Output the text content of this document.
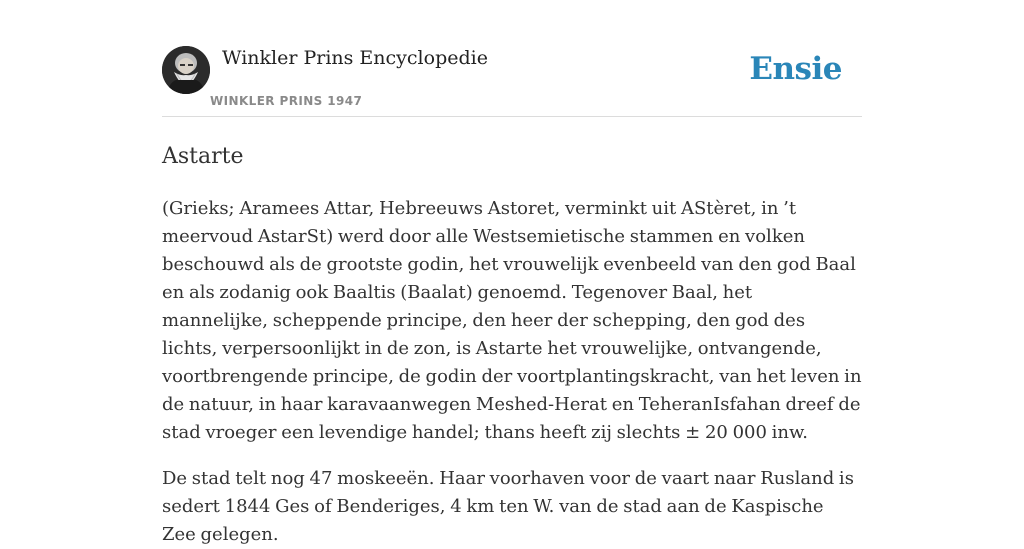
Winkler Prins Encyclopedie
WINKLER PRINS 1947
Ensie
Astarte

(Grieks; Aramees Attar, Hebreeuws Astoret, verminkt uit AStèret, in ’t meervoud AstarSt) werd door alle Westsemietische stammen en volken beschouwd als de grootste godin, het vrouwelijk evenbeeld van den god Baal en als zodanig ook Baaltis (Baalat) genoemd. Tegenover Baal, het mannelijke, scheppende principe, den heer der schepping, den god des lichts, verpersoonlijkt in de zon, is Astarte het vrouwelijke, ontvangende, voortbrengende principe, de godin der voortplantingskracht, van het leven in de natuur, in haar karavaanwegen Meshed-Herat en TeheranIsfahan dreef de stad vroeger een levendige handel; thans heeft zij slechts ± 20 000 inw.

De stad telt nog 47 moskeeën. Haar voorhaven voor de vaart naar Rusland is sedert 1844 Ges of Benderiges, 4 km ten W. van de stad aan de Kaspische Zee gelegen.
